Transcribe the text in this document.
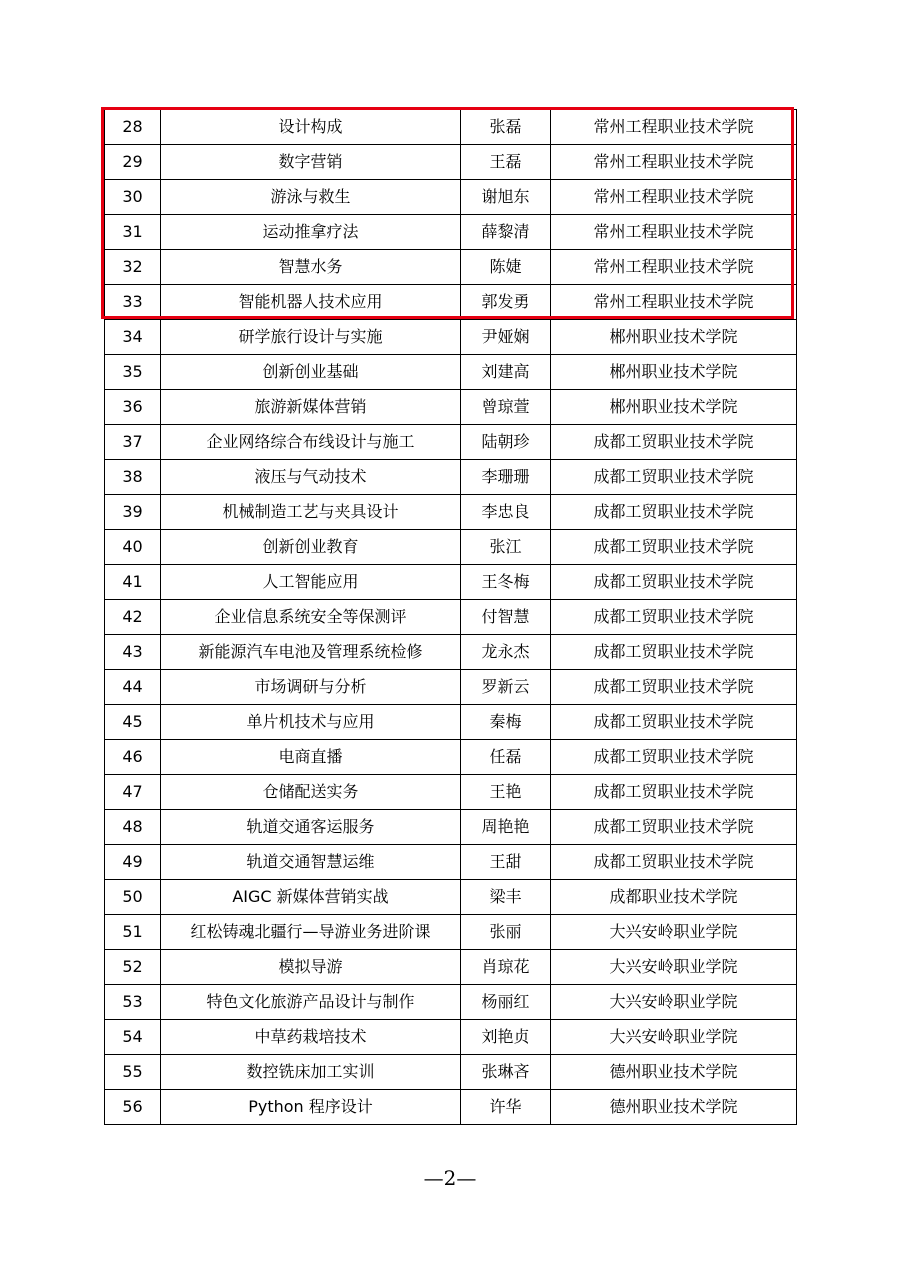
28	设计构成	张磊	常州工程职业技术学院
29	数字营销	王磊	常州工程职业技术学院
30	游泳与救生	谢旭东	常州工程职业技术学院
31	运动推拿疗法	薛黎清	常州工程职业技术学院
32	智慧水务	陈婕	常州工程职业技术学院
33	智能机器人技术应用	郭发勇	常州工程职业技术学院
34	研学旅行设计与实施	尹娅娴	郴州职业技术学院
35	创新创业基础	刘建高	郴州职业技术学院
36	旅游新媒体营销	曾琼萱	郴州职业技术学院
37	企业网络综合布线设计与施工	陆朝珍	成都工贸职业技术学院
38	液压与气动技术	李珊珊	成都工贸职业技术学院
39	机械制造工艺与夹具设计	李忠良	成都工贸职业技术学院
40	创新创业教育	张江	成都工贸职业技术学院
41	人工智能应用	王冬梅	成都工贸职业技术学院
42	企业信息系统安全等保测评	付智慧	成都工贸职业技术学院
43	新能源汽车电池及管理系统检修	龙永杰	成都工贸职业技术学院
44	市场调研与分析	罗新云	成都工贸职业技术学院
45	单片机技术与应用	秦梅	成都工贸职业技术学院
46	电商直播	任磊	成都工贸职业技术学院
47	仓储配送实务	王艳	成都工贸职业技术学院
48	轨道交通客运服务	周艳艳	成都工贸职业技术学院
49	轨道交通智慧运维	王甜	成都工贸职业技术学院
50	AIGC 新媒体营销实战	梁丰	成都职业技术学院
51	红松铸魂北疆行—导游业务进阶课	张丽	大兴安岭职业学院
52	模拟导游	肖琼花	大兴安岭职业学院
53	特色文化旅游产品设计与制作	杨丽红	大兴安岭职业学院
54	中草药栽培技术	刘艳贞	大兴安岭职业学院
55	数控铣床加工实训	张琳吝	德州职业技术学院
56	Python 程序设计	许华	德州职业技术学院
—2—
